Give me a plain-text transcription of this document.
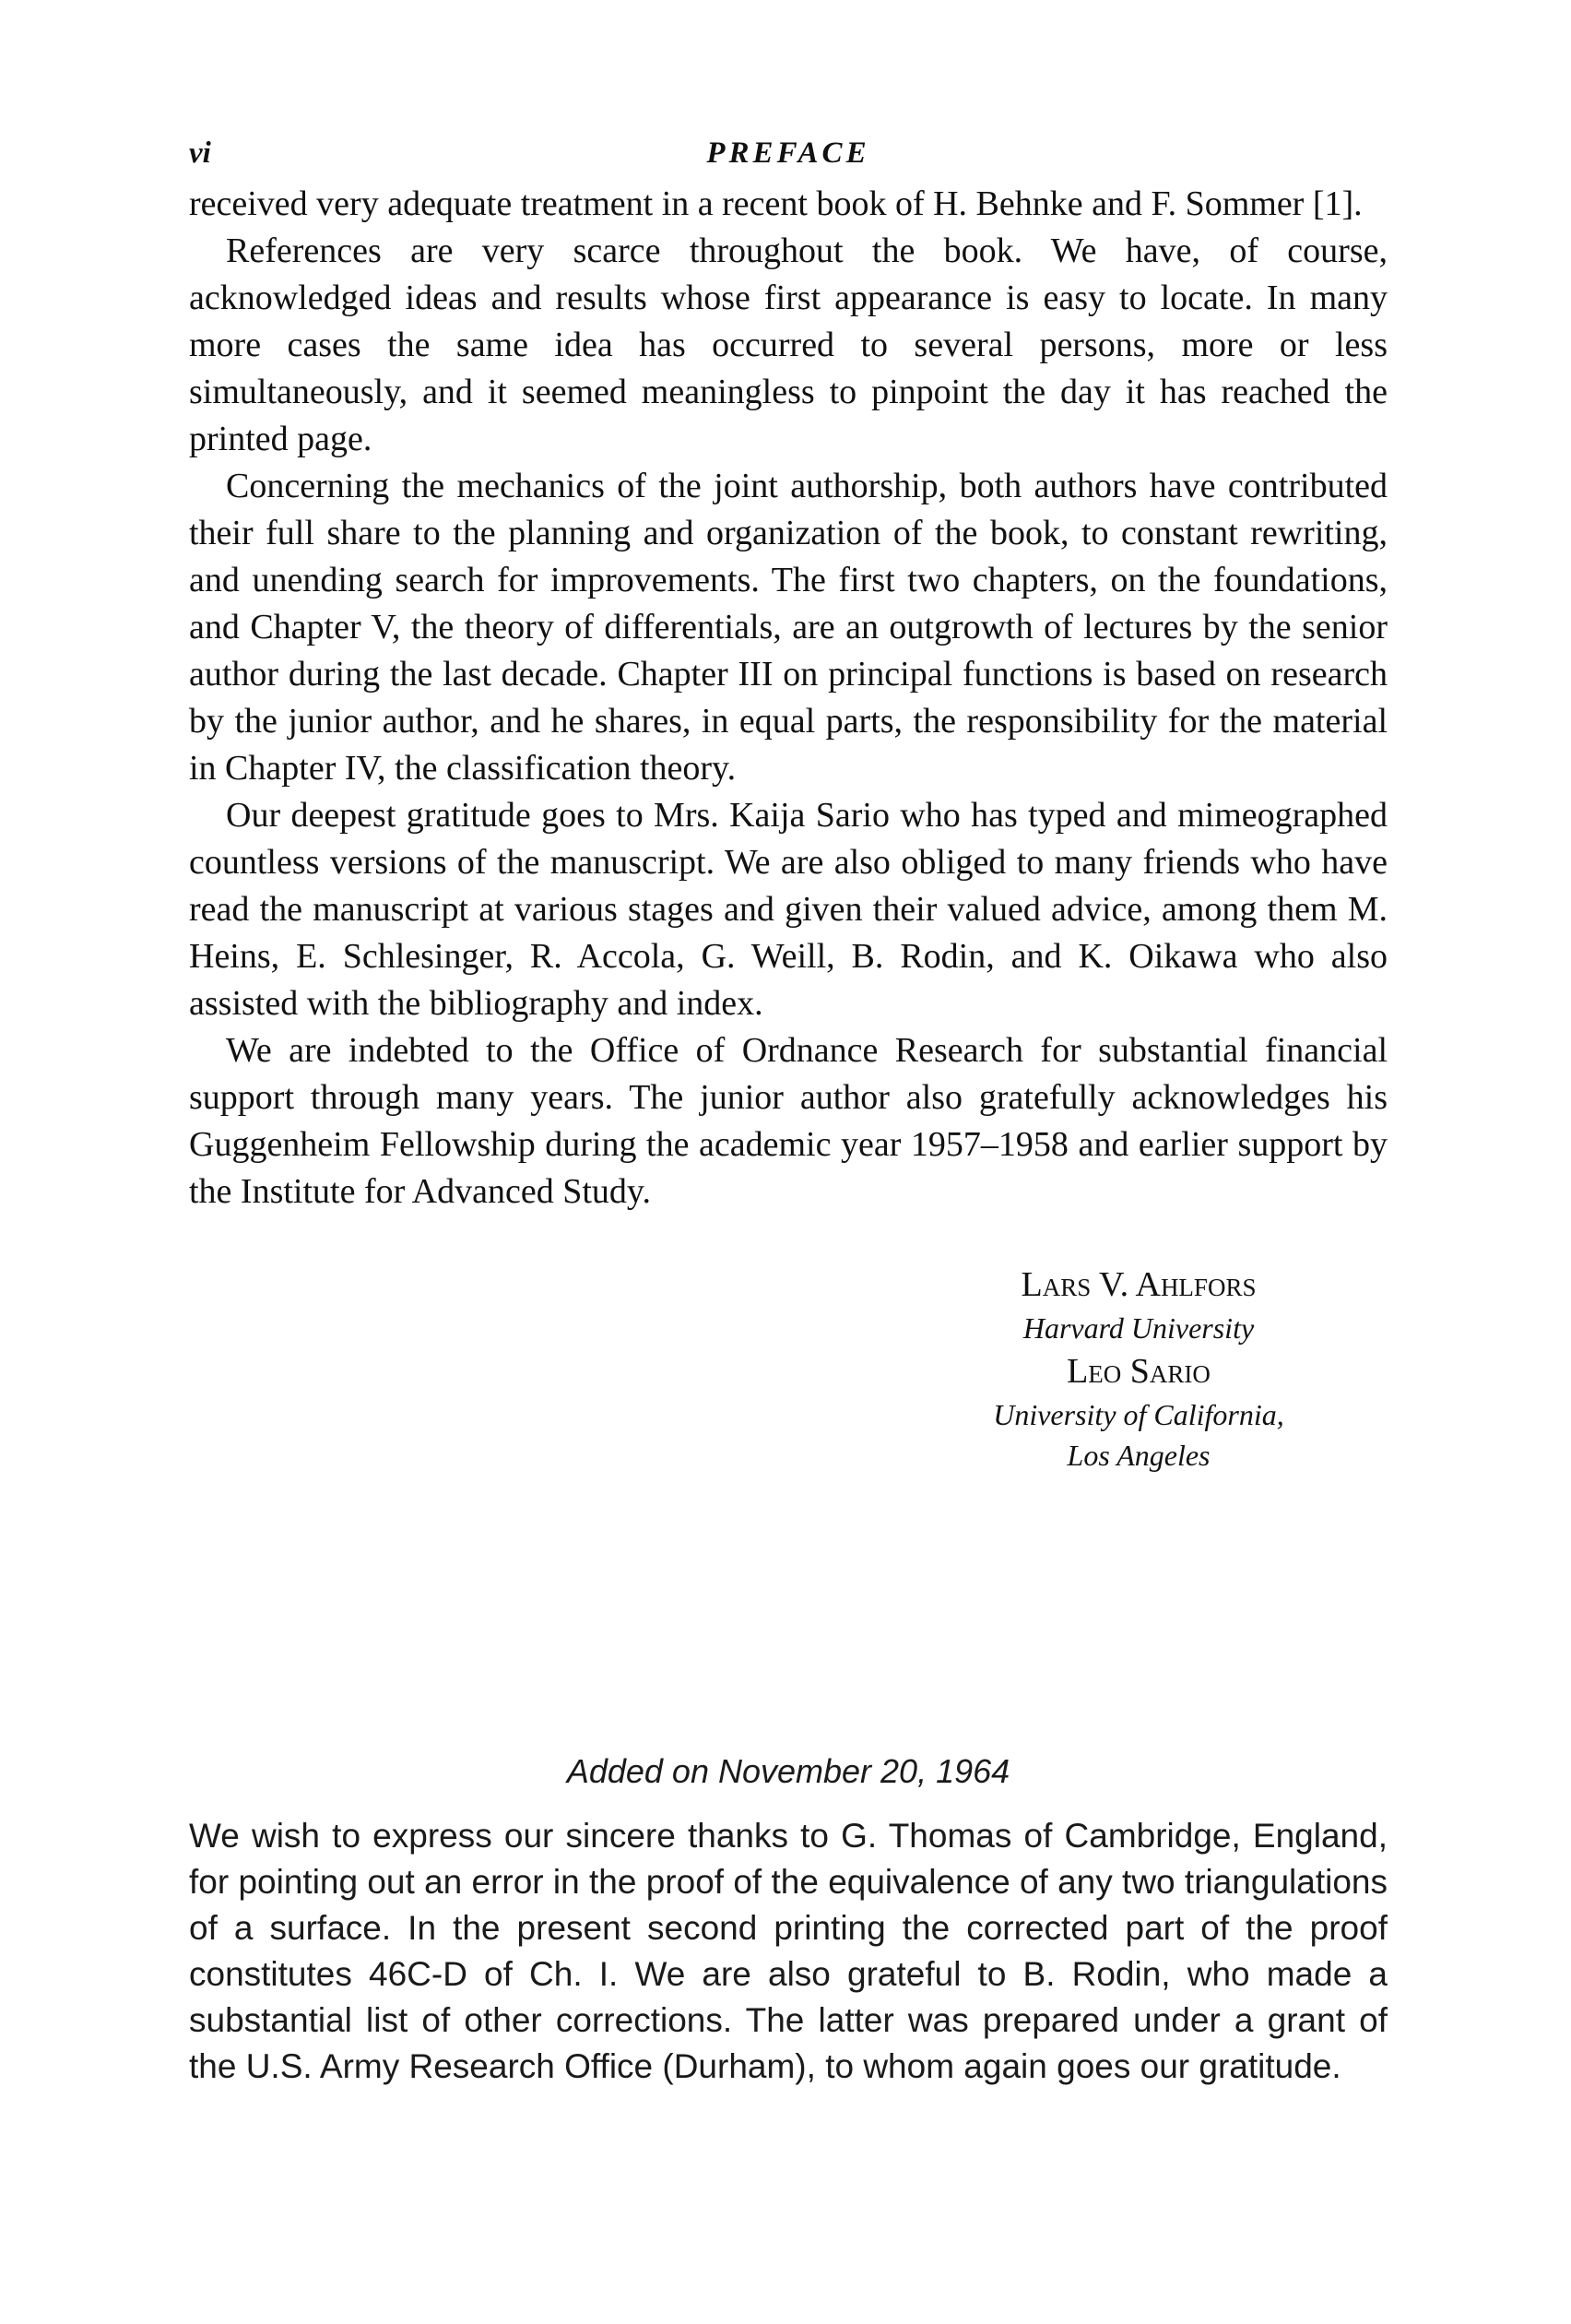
vi	PREFACE

received very adequate treatment in a recent book of H. Behnke and F. Sommer [1].

References are very scarce throughout the book. We have, of course, acknowledged ideas and results whose first appearance is easy to locate. In many more cases the same idea has occurred to several persons, more or less simultaneously, and it seemed meaningless to pinpoint the day it has reached the printed page.

Concerning the mechanics of the joint authorship, both authors have contributed their full share to the planning and organization of the book, to constant rewriting, and unending search for improvements. The first two chapters, on the foundations, and Chapter V, the theory of differentials, are an outgrowth of lectures by the senior author during the last decade. Chapter III on principal functions is based on research by the junior author, and he shares, in equal parts, the responsibility for the material in Chapter IV, the classification theory.

Our deepest gratitude goes to Mrs. Kaija Sario who has typed and mimeographed countless versions of the manuscript. We are also obliged to many friends who have read the manuscript at various stages and given their valued advice, among them M. Heins, E. Schlesinger, R. Accola, G. Weill, B. Rodin, and K. Oikawa who also assisted with the bibliography and index.

We are indebted to the Office of Ordnance Research for substantial financial support through many years. The junior author also gratefully acknowledges his Guggenheim Fellowship during the academic year 1957–1958 and earlier support by the Institute for Advanced Study.

Lars V. Ahlfors
Harvard University
Leo Sario
University of California,
Los Angeles
Added on November 20, 1964

We wish to express our sincere thanks to G. Thomas of Cambridge, England, for pointing out an error in the proof of the equivalence of any two triangulations of a surface. In the present second printing the corrected part of the proof constitutes 46C-D of Ch. I. We are also grateful to B. Rodin, who made a substantial list of other corrections. The latter was prepared under a grant of the U.S. Army Research Office (Durham), to whom again goes our gratitude.
